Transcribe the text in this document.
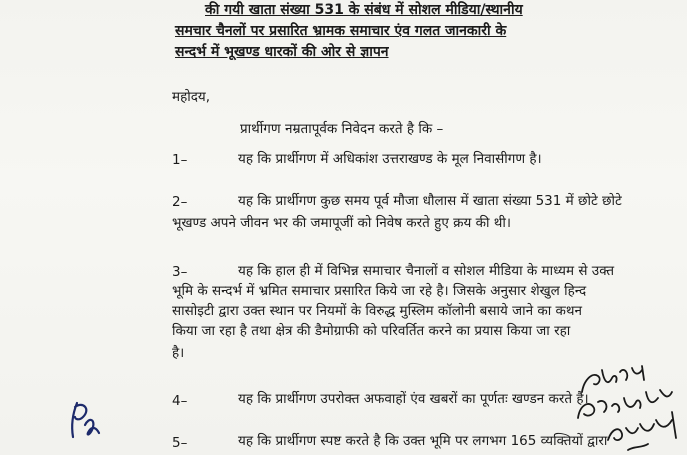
की गयी खाता संख्या 531 के संबंध में सोशल मीडिया/स्थानीय
समचार चैनलों पर प्रसारित भ्रामक समाचार एंव गलत जानकारी के
सन्दर्भ में भूखण्ड धारकों की ओर से ज्ञापन
महोदय,
प्रार्थीगण नम्रतापूर्वक निवेदन करते है कि –
1–	यह कि प्रार्थीगण में अधिकांश उत्तराखण्ड के मूल निवासीगण है।
2–	यह कि प्रार्थीगण कुछ समय पूर्व मौजा धौलास में खाता संख्या 531 में छोटे छोटे
भूखण्ड अपने जीवन भर की जमापूजीं को निवेष करते हुए क्रय की थी।
3–	यह कि हाल ही में विभिन्न समाचार चैनालों व सोशल मीडिया के माध्यम से उक्त
भूमि के सन्दर्भ में भ्रमित समाचार प्रसारित किये जा रहे है। जिसके अनुसार शेखुल हिन्द
सासोइटी द्वारा उक्त स्थान पर नियमों के विरुद्ध मुस्लिम कॉलोनी बसाये जाने का कथन
किया जा रहा है तथा क्षेत्र की डैमोग्राफी को परिवर्तित करने का प्रयास किया जा रहा
है।
4–	यह कि प्रार्थीगण उपरोक्त अफवाहों एंव खबरों का पूर्णतः खण्डन करते है।
5–	यह कि प्रार्थीगण स्पष्ट करते है कि उक्त भूमि पर लगभग 165 व्यक्तियों द्वारा
